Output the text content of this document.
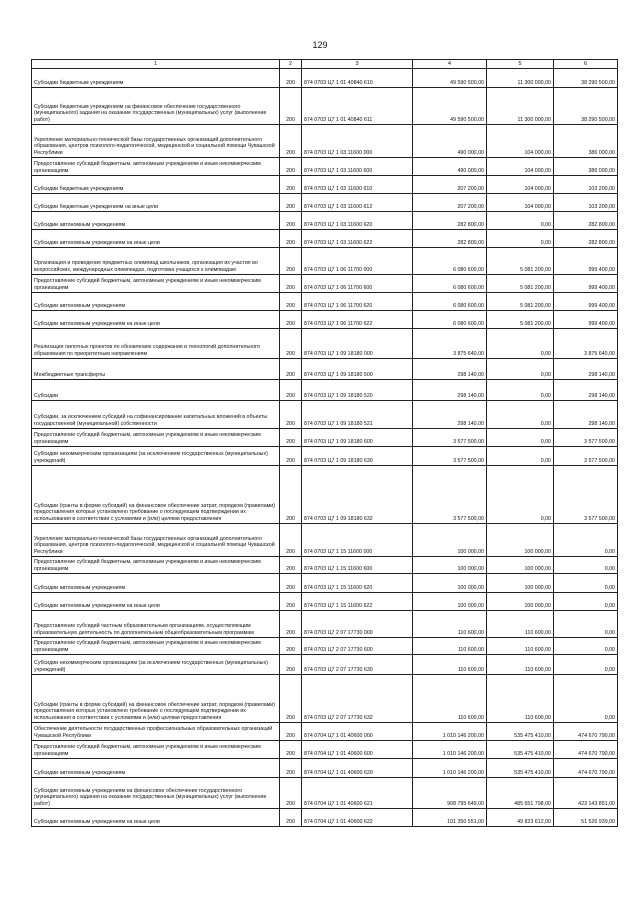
129
1	2	3	4	5	6
Субсидии бюджетным учреждениям	200	874 0703 Ц7 1 01 40840 610	49 590 500,00	11 300 000,00	38 290 500,00
Субсидии бюджетным учреждениям на финансовое обеспечение государственного (муниципального) задания на оказание государственных (муниципальных) услуг (выполнение работ)	200	874 0703 Ц7 1 01 40840 611	49 590 500,00	11 300 000,00	38 290 500,00
Укрепление материально-технической базы государственных организаций дополнительного образования, центров психолого-педагогической, медицинской и социальной помощи Чувашской Республики	200	874 0703 Ц7 1 03 11600 000	490 000,00	104 000,00	386 000,00
Предоставление субсидий бюджетным, автономным учреждениям и иным некоммерческим организациям	200	874 0703 Ц7 1 03 11600 600	490 000,00	104 000,00	386 000,00
Субсидии бюджетным учреждениям	200	874 0703 Ц7 1 03 11600 610	207 200,00	104 000,00	103 200,00
Субсидии бюджетным учреждениям на иные цели	200	874 0703 Ц7 1 03 11600 612	207 200,00	104 000,00	103 200,00
Субсидии автономным учреждениям	200	874 0703 Ц7 1 03 11600 620	282 800,00	0,00	282 800,00
Субсидии автономным учреждениям на иные цели	200	874 0703 Ц7 1 03 11600 622	282 800,00	0,00	282 800,00
Организация и проведение предметных олимпиад школьников, организация их участия во всероссийских, международных олимпиадах, подготовка учащихся к олимпиадам	200	874 0703 Ц7 1 06 11700 000	6 080 600,00	5 081 200,00	999 400,00
Предоставление субсидий бюджетным, автономным учреждениям и иным некоммерческим организациям	200	874 0703 Ц7 1 06 11700 600	6 080 600,00	5 081 200,00	999 400,00
Субсидии автономным учреждениям	200	874 0703 Ц7 1 06 11700 620	6 080 600,00	5 081 200,00	999 400,00
Субсидии автономным учреждениям на иные цели	200	874 0703 Ц7 1 06 11700 622	6 080 600,00	5 081 200,00	999 400,00
Реализация пилотных проектов по обновлению содержания и технологий дополнительного образования по приоритетным направлениям	200	874 0703 Ц7 1 09 18180 000	3 875 640,00	0,00	3 875 640,00
Межбюджетные трансферты	200	874 0703 Ц7 1 09 18180 500	298 140,00	0,00	298 140,00
Субсидии	200	874 0703 Ц7 1 09 18180 520	298 140,00	0,00	298 140,00
Субсидии, за исключением субсидий на софинансирование капитальных вложений в объекты государственной (муниципальной) собственности	200	874 0703 Ц7 1 09 18180 521	298 140,00	0,00	298 140,00
Предоставление субсидий бюджетным, автономным учреждениям и иным некоммерческим организациям	200	874 0703 Ц7 1 09 18180 600	3 577 500,00	0,00	3 577 500,00
Субсидии некоммерческим организациям (за исключением государственных (муниципальных) учреждений)	200	874 0703 Ц7 1 09 18180 630	3 577 500,00	0,00	3 577 500,00
Субсидии (гранты в форме субсидий) на финансовое обеспечение затрат, порядком (правилами) предоставления которых установлено требование о последующем подтверждении их использования в соответствии с условиями и (или) целями предоставления	200	874 0703 Ц7 1 09 18180 632	3 577 500,00	0,00	3 577 500,00
Укрепление материально-технической базы государственных организаций дополнительного образования, центров психолого-педагогической, медицинской и социальной помощи Чувашской Республики	200	874 0703 Ц7 1 15 11600 000	100 000,00	100 000,00	0,00
Предоставление субсидий бюджетным, автономным учреждениям и иным некоммерческим организациям	200	874 0703 Ц7 1 15 11600 600	100 000,00	100 000,00	0,00
Субсидии автономным учреждениям	200	874 0703 Ц7 1 15 11600 620	100 000,00	100 000,00	0,00
Субсидии автономным учреждениям на иные цели	200	874 0703 Ц7 1 15 11600 622	100 000,00	100 000,00	0,00
Предоставление субсидий частным образовательным организациям, осуществляющим образовательную деятельность по дополнительным общеобразовательным программам	200	874 0703 Ц7 2 07 17730 000	110 600,00	110 600,00	0,00
Предоставление субсидий бюджетным, автономным учреждениям и иным некоммерческим организациям	200	874 0703 Ц7 2 07 17730 600	110 600,00	110 600,00	0,00
Субсидии некоммерческим организациям (за исключением государственных (муниципальных) учреждений)	200	874 0703 Ц7 2 07 17730 630	110 600,00	110 600,00	0,00
Субсидии (гранты в форме субсидий) на финансовое обеспечение затрат, порядком (правилами) предоставления которых установлено требование о последующем подтверждении их использования в соответствии с условиями и (или) целями предоставления	200	874 0703 Ц7 2 07 17730 632	110 600,00	110 600,00	0,00
Обеспечение деятельности государственных профессиональных образовательных организаций Чувашской Республики	200	874 0704 Ц7 1 01 40600 000	1 010 146 200,00	535 475 410,00	474 670 790,00
Предоставление субсидий бюджетным, автономным учреждениям и иным некоммерческим организациям	200	874 0704 Ц7 1 01 40600 600	1 010 146 200,00	535 475 410,00	474 670 790,00
Субсидии автономным учреждениям	200	874 0704 Ц7 1 01 40600 620	1 010 146 200,00	535 475 410,00	474 670 790,00
Субсидии автономным учреждениям на финансовое обеспечение государственного (муниципального) задания на оказание государственных (муниципальных) услуг (выполнение работ)	200	874 0704 Ц7 1 01 40600 621	908 795 649,00	485 651 798,00	423 143 851,00
Субсидии автономным учреждениям на иные цели	200	874 0704 Ц7 1 01 40600 622	101 350 551,00	49 823 612,00	51 526 939,00
